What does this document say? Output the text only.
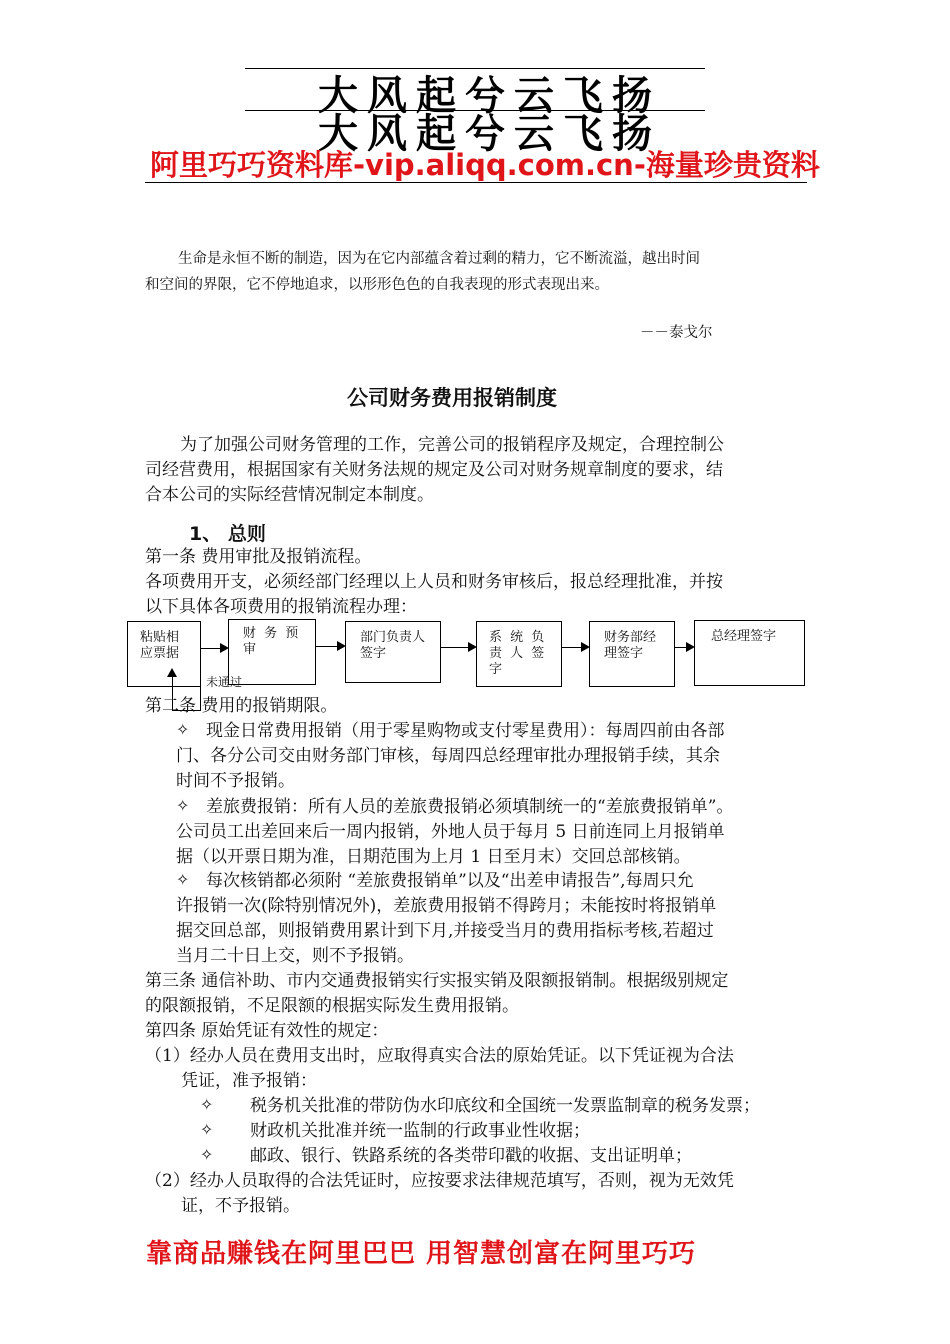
大风起兮云飞扬
大风起兮云飞扬
阿里巧巧资料库-vip.aliqq.com.cn-海量珍贵资料
生命是永恒不断的制造，因为在它内部蕴含着过剩的精力，它不断流溢，越出时间
和空间的界限，它不停地追求，以形形色色的自我表现的形式表现出来。
－－泰戈尔
公司财务费用报销制度
为了加强公司财务管理的工作，完善公司的报销程序及规定，合理控制公
司经营费用，根据国家有关财务法规的规定及公司对财务规章制度的要求，结
合本公司的实际经营情况制定本制度。
1、 总则
第一条 费用审批及报销流程。
各项费用开支，必须经部门经理以上人员和财务审核后，报总经理批准，并按
以下具体各项费用的报销流程办理：
粘贴相应票据
财 务 预 审
部门负责人签字
系 统 负 责 人 签 字
财务部经理签字
总经理签字
未通过
第二条 费用的报销期限。
✧ 现金日常费用报销（用于零星购物或支付零星费用）：每周四前由各部
门、各分公司交由财务部门审核，每周四总经理审批办理报销手续，其余
时间不予报销。
✧ 差旅费报销：所有人员的差旅费报销必须填制统一的“差旅费报销单”。
公司员工出差回来后一周内报销，外地人员于每月 5 日前连同上月报销单
据（以开票日期为准，日期范围为上月 1 日至月末）交回总部核销。
✧ 每次核销都必须附 “差旅费报销单”以及“出差申请报告”,每周只允
许报销一次(除特别情况外)，差旅费用报销不得跨月；未能按时将报销单
据交回总部，则报销费用累计到下月,并接受当月的费用指标考核,若超过
当月二十日上交，则不予报销。
第三条 通信补助、市内交通费报销实行实报实销及限额报销制。根据级别规定
的限额报销，不足限额的根据实际发生费用报销。
第四条 原始凭证有效性的规定：
（1）经办人员在费用支出时，应取得真实合法的原始凭证。以下凭证视为合法
凭证，准予报销：
✧ 税务机关批准的带防伪水印底纹和全国统一发票监制章的税务发票；
✧ 财政机关批准并统一监制的行政事业性收据；
✧ 邮政、银行、铁路系统的各类带印戳的收据、支出证明单；
（2）经办人员取得的合法凭证时，应按要求法律规范填写，否则，视为无效凭
证，不予报销。
靠商品赚钱在阿里巴巴 用智慧创富在阿里巧巧
